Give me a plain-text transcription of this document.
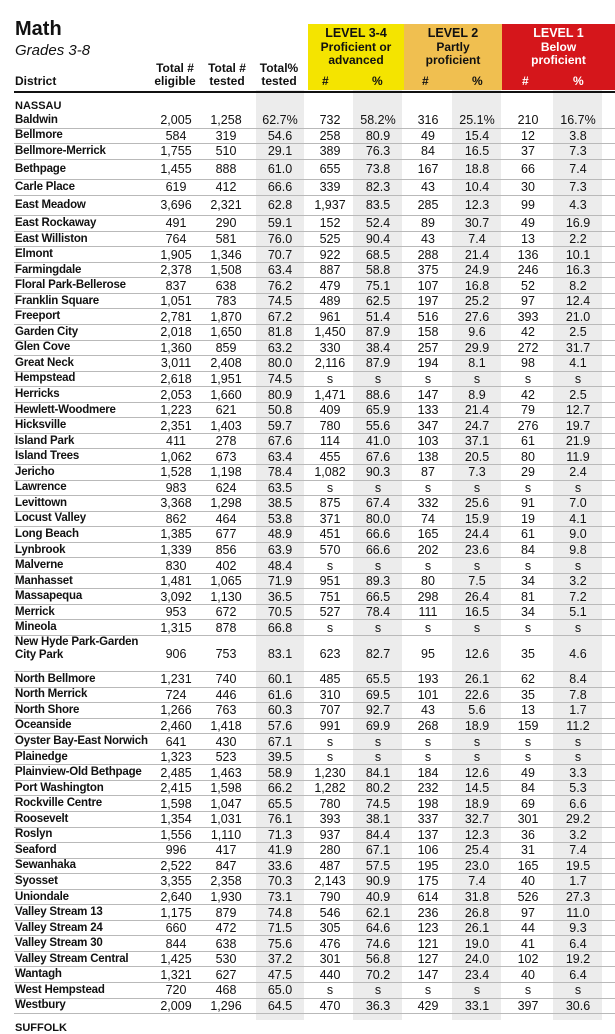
Math
Grades 3-8
District
Total #
eligible
Total #
tested
Total%
tested
LEVEL 3-4
Proficient or
advanced
LEVEL 2
Partly
proficient
LEVEL 1
Below
proficient
#	%	#	%	#	%
NASSAU
Baldwin	2,005	1,258	62.7%	732	58.2%	316	25.1%	210	16.7%
Bellmore	584	319	54.6	258	80.9	49	15.4	12	3.8
Bellmore-Merrick	1,755	510	29.1	389	76.3	84	16.5	37	7.3
Bethpage	1,455	888	61.0	655	73.8	167	18.8	66	7.4
Carle Place	619	412	66.6	339	82.3	43	10.4	30	7.3
East Meadow	3,696	2,321	62.8	1,937	83.5	285	12.3	99	4.3
East Rockaway	491	290	59.1	152	52.4	89	30.7	49	16.9
East Williston	764	581	76.0	525	90.4	43	7.4	13	2.2
Elmont	1,905	1,346	70.7	922	68.5	288	21.4	136	10.1
Farmingdale	2,378	1,508	63.4	887	58.8	375	24.9	246	16.3
Floral Park-Bellerose	837	638	76.2	479	75.1	107	16.8	52	8.2
Franklin Square	1,051	783	74.5	489	62.5	197	25.2	97	12.4
Freeport	2,781	1,870	67.2	961	51.4	516	27.6	393	21.0
Garden City	2,018	1,650	81.8	1,450	87.9	158	9.6	42	2.5
Glen Cove	1,360	859	63.2	330	38.4	257	29.9	272	31.7
Great Neck	3,011	2,408	80.0	2,116	87.9	194	8.1	98	4.1
Hempstead	2,618	1,951	74.5	s	s	s	s	s	s
Herricks	2,053	1,660	80.9	1,471	88.6	147	8.9	42	2.5
Hewlett-Woodmere	1,223	621	50.8	409	65.9	133	21.4	79	12.7
Hicksville	2,351	1,403	59.7	780	55.6	347	24.7	276	19.7
Island Park	411	278	67.6	114	41.0	103	37.1	61	21.9
Island Trees	1,062	673	63.4	455	67.6	138	20.5	80	11.9
Jericho	1,528	1,198	78.4	1,082	90.3	87	7.3	29	2.4
Lawrence	983	624	63.5	s	s	s	s	s	s
Levittown	3,368	1,298	38.5	875	67.4	332	25.6	91	7.0
Locust Valley	862	464	53.8	371	80.0	74	15.9	19	4.1
Long Beach	1,385	677	48.9	451	66.6	165	24.4	61	9.0
Lynbrook	1,339	856	63.9	570	66.6	202	23.6	84	9.8
Malverne	830	402	48.4	s	s	s	s	s	s
Manhasset	1,481	1,065	71.9	951	89.3	80	7.5	34	3.2
Massapequa	3,092	1,130	36.5	751	66.5	298	26.4	81	7.2
Merrick	953	672	70.5	527	78.4	111	16.5	34	5.1
Mineola	1,315	878	66.8	s	s	s	s	s	s
New Hyde Park-Garden City Park	906	753	83.1	623	82.7	95	12.6	35	4.6
North Bellmore	1,231	740	60.1	485	65.5	193	26.1	62	8.4
North Merrick	724	446	61.6	310	69.5	101	22.6	35	7.8
North Shore	1,266	763	60.3	707	92.7	43	5.6	13	1.7
Oceanside	2,460	1,418	57.6	991	69.9	268	18.9	159	11.2
Oyster Bay-East Norwich	641	430	67.1	s	s	s	s	s	s
Plainedge	1,323	523	39.5	s	s	s	s	s	s
Plainview-Old Bethpage	2,485	1,463	58.9	1,230	84.1	184	12.6	49	3.3
Port Washington	2,415	1,598	66.2	1,282	80.2	232	14.5	84	5.3
Rockville Centre	1,598	1,047	65.5	780	74.5	198	18.9	69	6.6
Roosevelt	1,354	1,031	76.1	393	38.1	337	32.7	301	29.2
Roslyn	1,556	1,110	71.3	937	84.4	137	12.3	36	3.2
Seaford	996	417	41.9	280	67.1	106	25.4	31	7.4
Sewanhaka	2,522	847	33.6	487	57.5	195	23.0	165	19.5
Syosset	3,355	2,358	70.3	2,143	90.9	175	7.4	40	1.7
Uniondale	2,640	1,930	73.1	790	40.9	614	31.8	526	27.3
Valley Stream 13	1,175	879	74.8	546	62.1	236	26.8	97	11.0
Valley Stream 24	660	472	71.5	305	64.6	123	26.1	44	9.3
Valley Stream 30	844	638	75.6	476	74.6	121	19.0	41	6.4
Valley Stream Central	1,425	530	37.2	301	56.8	127	24.0	102	19.2
Wantagh	1,321	627	47.5	440	70.2	147	23.4	40	6.4
West Hempstead	720	468	65.0	s	s	s	s	s	s
Westbury	2,009	1,296	64.5	470	36.3	429	33.1	397	30.6
SUFFOLK
